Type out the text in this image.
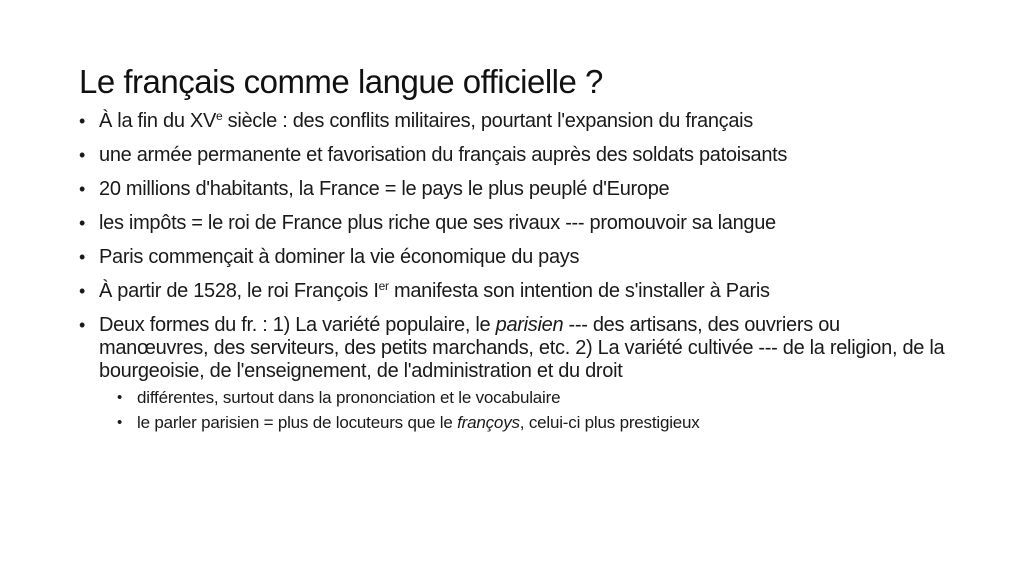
Le français comme langue officielle ?
• À la fin du XVe siècle : des conflits militaires, pourtant l'expansion du français
• une armée permanente et favorisation du français auprès des soldats patoisants
• 20 millions d'habitants, la France = le pays le plus peuplé d'Europe
• les impôts = le roi de France plus riche que ses rivaux --- promouvoir sa langue
• Paris commençait à dominer la vie économique du pays
• À partir de 1528, le roi François Ier manifesta son intention de s'installer à Paris
• Deux formes du fr. : 1) La variété populaire, le parisien --- des artisans, des ouvriers ou manœuvres, des serviteurs, des petits marchands, etc. 2) La variété cultivée --- de la religion, de la bourgeoisie, de l'enseignement, de l'administration et du droit
• différentes, surtout dans la prononciation et le vocabulaire
• le parler parisien = plus de locuteurs que le françoys, celui-ci plus prestigieux
